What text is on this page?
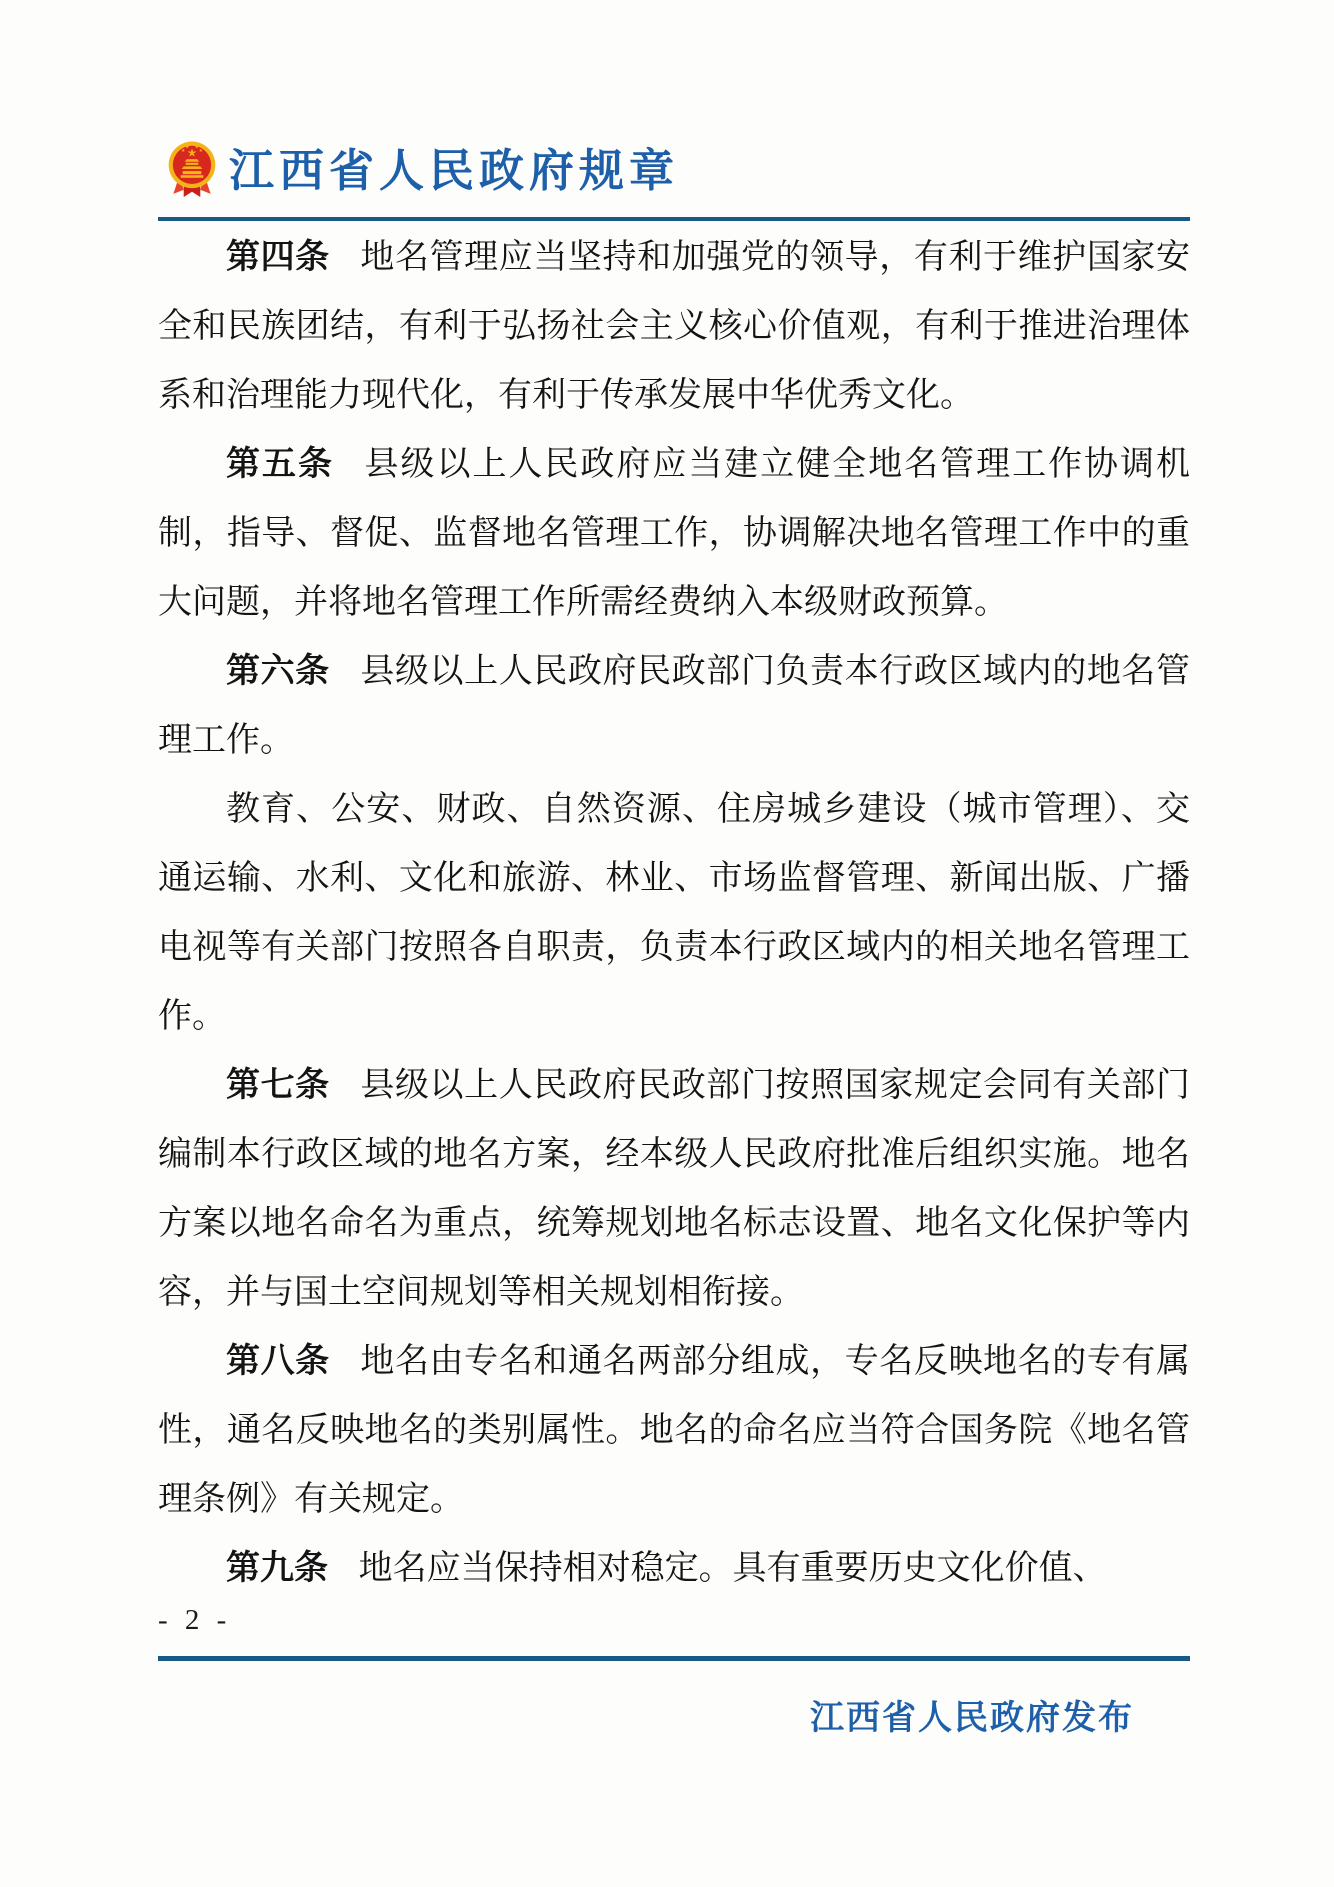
江西省人民政府规章

第四条 地名管理应当坚持和加强党的领导，有利于维护国家安全和民族团结，有利于弘扬社会主义核心价值观，有利于推进治理体系和治理能力现代化，有利于传承发展中华优秀文化。

第五条 县级以上人民政府应当建立健全地名管理工作协调机制，指导、督促、监督地名管理工作，协调解决地名管理工作中的重大问题，并将地名管理工作所需经费纳入本级财政预算。

第六条 县级以上人民政府民政部门负责本行政区域内的地名管理工作。

教育、公安、财政、自然资源、住房城乡建设（城市管理）、交通运输、水利、文化和旅游、林业、市场监督管理、新闻出版、广播电视等有关部门按照各自职责，负责本行政区域内的相关地名管理工作。

第七条 县级以上人民政府民政部门按照国家规定会同有关部门编制本行政区域的地名方案，经本级人民政府批准后组织实施。地名方案以地名命名为重点，统筹规划地名标志设置、地名文化保护等内容，并与国土空间规划等相关规划相衔接。

第八条 地名由专名和通名两部分组成，专名反映地名的专有属性，通名反映地名的类别属性。地名的命名应当符合国务院《地名管理条例》有关规定。

第九条 地名应当保持相对稳定。具有重要历史文化价值、

- 2 -
江西省人民政府发布
